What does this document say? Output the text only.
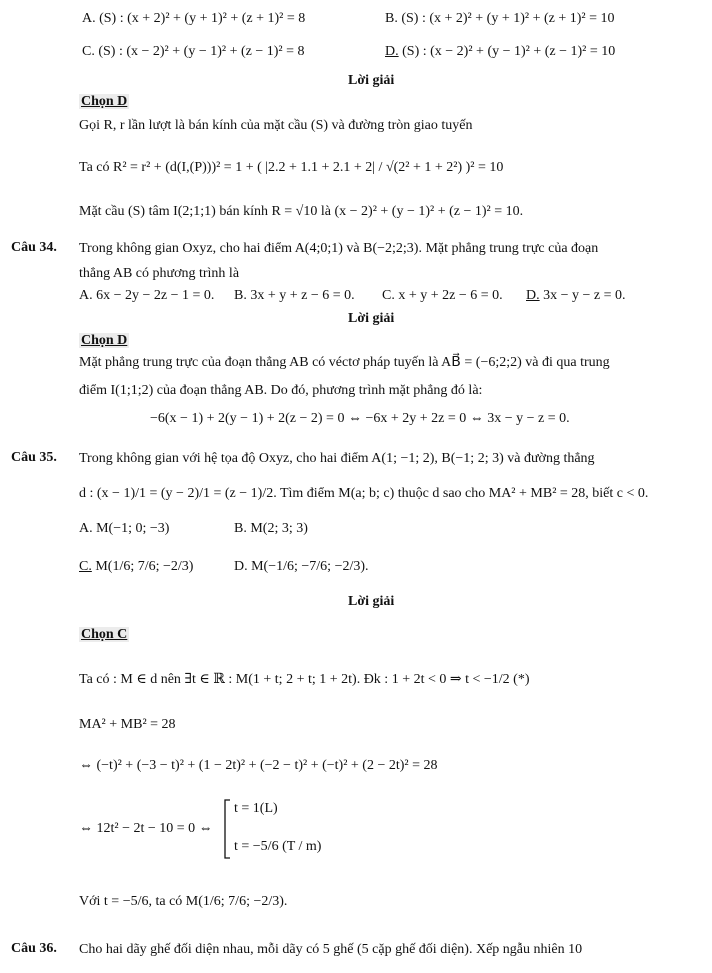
A. (S) : (x + 2)² + (y + 1)² + (z + 1)² = 8	B. (S) : (x + 2)² + (y + 1)² + (z + 1)² = 10
C. (S) : (x − 2)² + (y − 1)² + (z − 1)² = 8	D. (S) : (x − 2)² + (y − 1)² + (z − 1)² = 10
Lời giải
Chọn D
Gọi R, r lần lượt là bán kính của mặt cầu (S) và đường tròn giao tuyến
Ta có R² = r² + (d(I,(P)))² = 1 + ( |2.2 + 1.1 + 2.1 + 2| / √(2² + 1 + 2²) )² = 10
Mặt cầu (S) tâm I(2;1;1) bán kính R = √10 là (x − 2)² + (y − 1)² + (z − 1)² = 10.
Câu 34. Trong không gian Oxyz, cho hai điểm A(4;0;1) và B(−2;2;3). Mặt phẳng trung trực của đoạn
thẳng AB có phương trình là
A. 6x − 2y − 2z − 1 = 0. B. 3x + y + z − 6 = 0. C. x + y + 2z − 6 = 0. D. 3x − y − z = 0.
Lời giải
Chọn D
Mặt phẳng trung trực của đoạn thẳng AB có véctơ pháp tuyến là AB⃗ = (−6;2;2) và đi qua trung
điểm I(1;1;2) của đoạn thẳng AB. Do đó, phương trình mặt phẳng đó là:
−6(x − 1) + 2(y − 1) + 2(z − 2) = 0 ⇔ −6x + 2y + 2z = 0 ⇔ 3x − y − z = 0.
Câu 35. Trong không gian với hệ tọa độ Oxyz, cho hai điểm A(1; −1; 2), B(−1; 2; 3) và đường thẳng
d : (x − 1)/1 = (y − 2)/1 = (z − 1)/2. Tìm điểm M(a; b; c) thuộc d sao cho MA² + MB² = 28, biết c < 0.
A. M(−1; 0; −3)	B. M(2; 3; 3)
C. M(1/6; 7/6; −2/3)	D. M(−1/6; −7/6; −2/3).
Lời giải
Chọn C
Ta có : M ∈ d nên ∃t ∈ ℝ : M(1 + t; 2 + t; 1 + 2t). Đk : 1 + 2t < 0 ⇒ t < −1/2 (*)
MA² + MB² = 28
⇔ (−t)² + (−3 − t)² + (1 − 2t)² + (−2 − t)² + (−t)² + (2 − 2t)² = 28
⇔ 12t² − 2t − 10 = 0 ⇔
t = 1(L)
t = −5/6 (T / m)
Với t = −5/6, ta có M(1/6; 7/6; −2/3).
Câu 36. Cho hai dãy ghế đối diện nhau, mỗi dãy có 5 ghế (5 cặp ghế đối diện). Xếp ngẫu nhiên 10
